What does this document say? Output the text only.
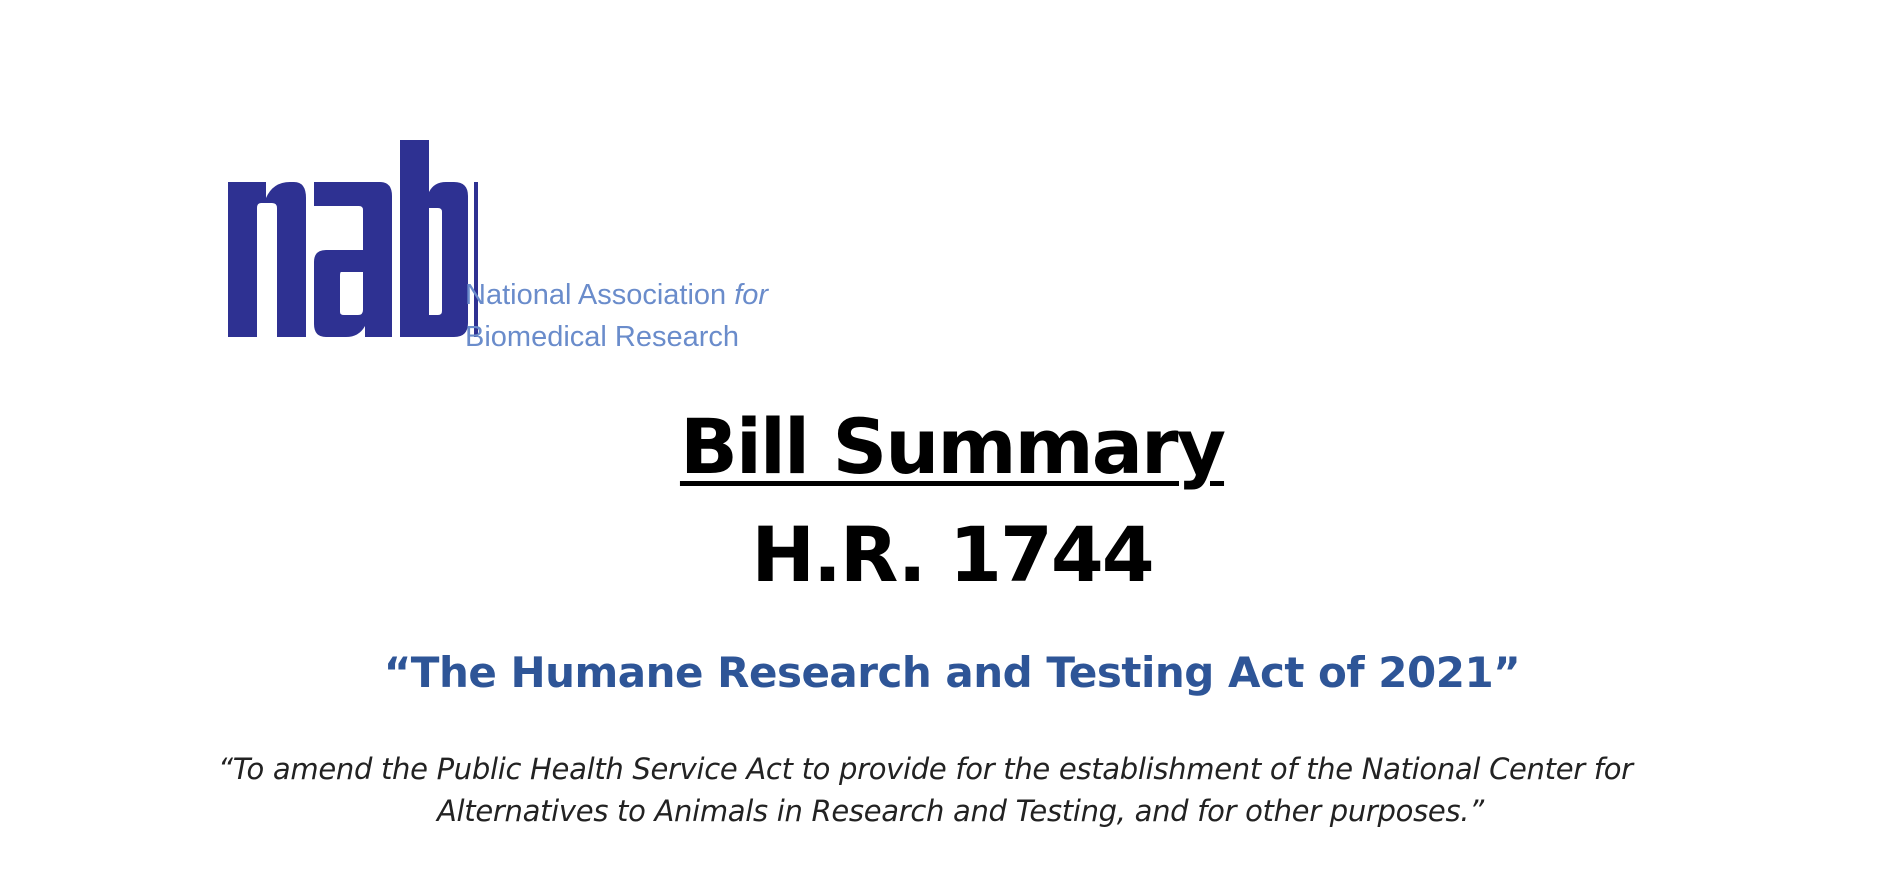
National Association for
Biomedical Research
Bill Summary
H.R. 1744
“The Humane Research and Testing Act of 2021”
“To amend the Public Health Service Act to provide for the establishment of the National Center for
Alternatives to Animals in Research and Testing, and for other purposes.”
